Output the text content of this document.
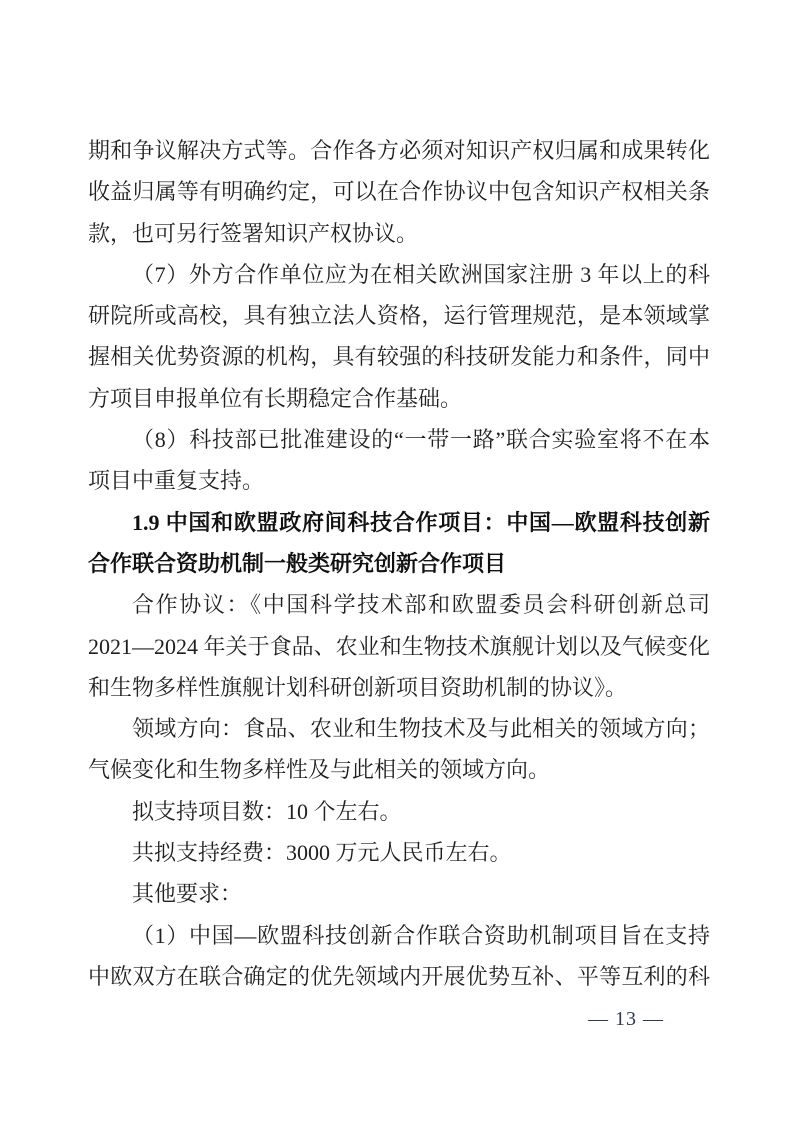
期和争议解决方式等。合作各方必须对知识产权归属和成果转化
收益归属等有明确约定，可以在合作协议中包含知识产权相关条
款，也可另行签署知识产权协议。

（7）外方合作单位应为在相关欧洲国家注册 3 年以上的科
研院所或高校，具有独立法人资格，运行管理规范，是本领域掌
握相关优势资源的机构，具有较强的科技研发能力和条件，同中
方项目申报单位有长期稳定合作基础。

（8）科技部已批准建设的“一带一路”联合实验室将不在本
项目中重复支持。

1.9 中国和欧盟政府间科技合作项目：中国—欧盟科技创新
合作联合资助机制一般类研究创新合作项目

合作协议：《中国科学技术部和欧盟委员会科研创新总司
2021—2024 年关于食品、农业和生物技术旗舰计划以及气候变化
和生物多样性旗舰计划科研创新项目资助机制的协议》。

领域方向：食品、农业和生物技术及与此相关的领域方向；
气候变化和生物多样性及与此相关的领域方向。

拟支持项目数：10 个左右。

共拟支持经费：3000 万元人民币左右。

其他要求：

（1）中国—欧盟科技创新合作联合资助机制项目旨在支持
中欧双方在联合确定的优先领域内开展优势互补、平等互利的科

— 13 —
